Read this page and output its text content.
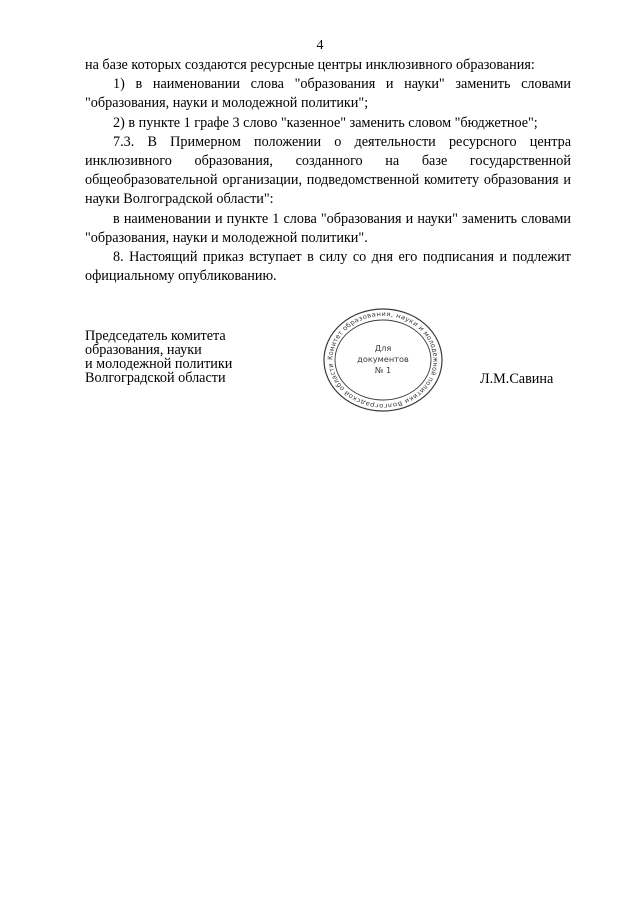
4

на базе которых создаются ресурсные центры инклюзивного образования:

1) в наименовании слова "образования и науки" заменить словами "образования, науки и молодежной политики";

2) в пункте 1 графе 3 слово "казенное" заменить словом "бюджетное";

7.3. В Примерном положении о деятельности ресурсного центра инклюзивного образования, созданного на базе государственной общеобразовательной организации, подведомственной комитету образования и науки Волгоградской области":

в наименовании и пункте 1 слова "образования и науки" заменить словами "образования, науки и молодежной политики".

8. Настоящий приказ вступает в силу со дня его подписания и подлежит официальному опубликованию.

Председатель комитета
образования, науки
и молодежной политики
Волгоградской области
Комитет образования, науки и молодежной политики Волгоградской области
Для
документов
№ 1
Л.М.Савина
